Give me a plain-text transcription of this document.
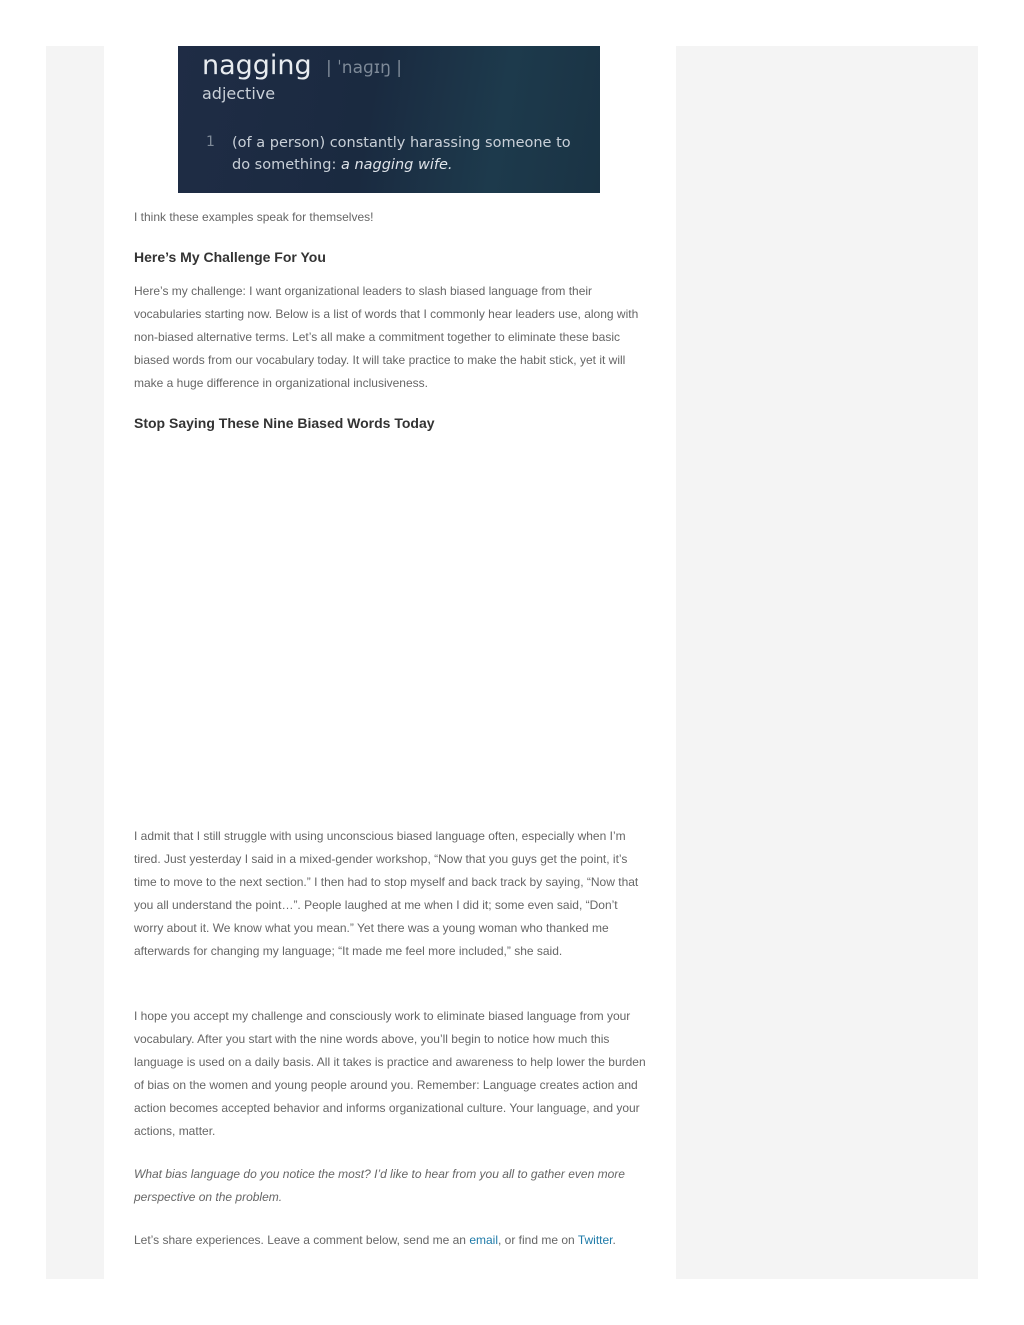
nagging | ˈnaɡɪŋ |
adjective
1 (of a person) constantly harassing someone to do something: a nagging wife.

I think these examples speak for themselves!

Here’s My Challenge For You

Here’s my challenge: I want organizational leaders to slash biased language from their vocabularies starting now. Below is a list of words that I commonly hear leaders use, along with non-biased alternative terms. Let’s all make a commitment together to eliminate these basic biased words from our vocabulary today. It will take practice to make the habit stick, yet it will make a huge difference in organizational inclusiveness.

Stop Saying These Nine Biased Words Today

I admit that I still struggle with using unconscious biased language often, especially when I’m tired. Just yesterday I said in a mixed-gender workshop, “Now that you guys get the point, it’s time to move to the next section.” I then had to stop myself and back track by saying, “Now that you all understand the point…”. People laughed at me when I did it; some even said, “Don’t worry about it. We know what you mean.” Yet there was a young woman who thanked me afterwards for changing my language; “It made me feel more included,” she said.

I hope you accept my challenge and consciously work to eliminate biased language from your vocabulary. After you start with the nine words above, you’ll begin to notice how much this language is used on a daily basis. All it takes is practice and awareness to help lower the burden of bias on the women and young people around you. Remember: Language creates action and action becomes accepted behavior and informs organizational culture. Your language, and your actions, matter.

What bias language do you notice the most? I’d like to hear from you all to gather even more perspective on the problem.

Let’s share experiences. Leave a comment below, send me an email, or find me on Twitter.
